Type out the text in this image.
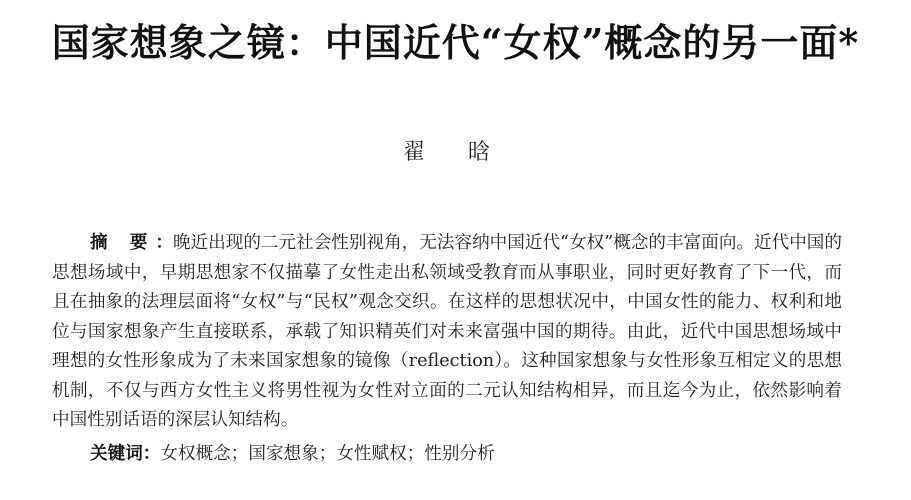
国家想象之镜：中国近代“女权”概念的另一面*
翟 晗
摘 要：晚近出现的二元社会性别视角，无法容纳中国近代“女权”概念的丰富面向。近代中国的思想场域中，早期思想家不仅描摹了女性走出私领域受教育而从事职业，同时更好教育了下一代，而且在抽象的法理层面将“女权”与“民权”观念交织。在这样的思想状况中，中国女性的能力、权利和地位与国家想象产生直接联系，承载了知识精英们对未来富强中国的期待。由此，近代中国思想场域中理想的女性形象成为了未来国家想象的镜像（reflection）。这种国家想象与女性形象互相定义的思想机制，不仅与西方女性主义将男性视为女性对立面的二元认知结构相异，而且迄今为止，依然影响着中国性别话语的深层认知结构。
关键词：女权概念；国家想象；女性赋权；性别分析
